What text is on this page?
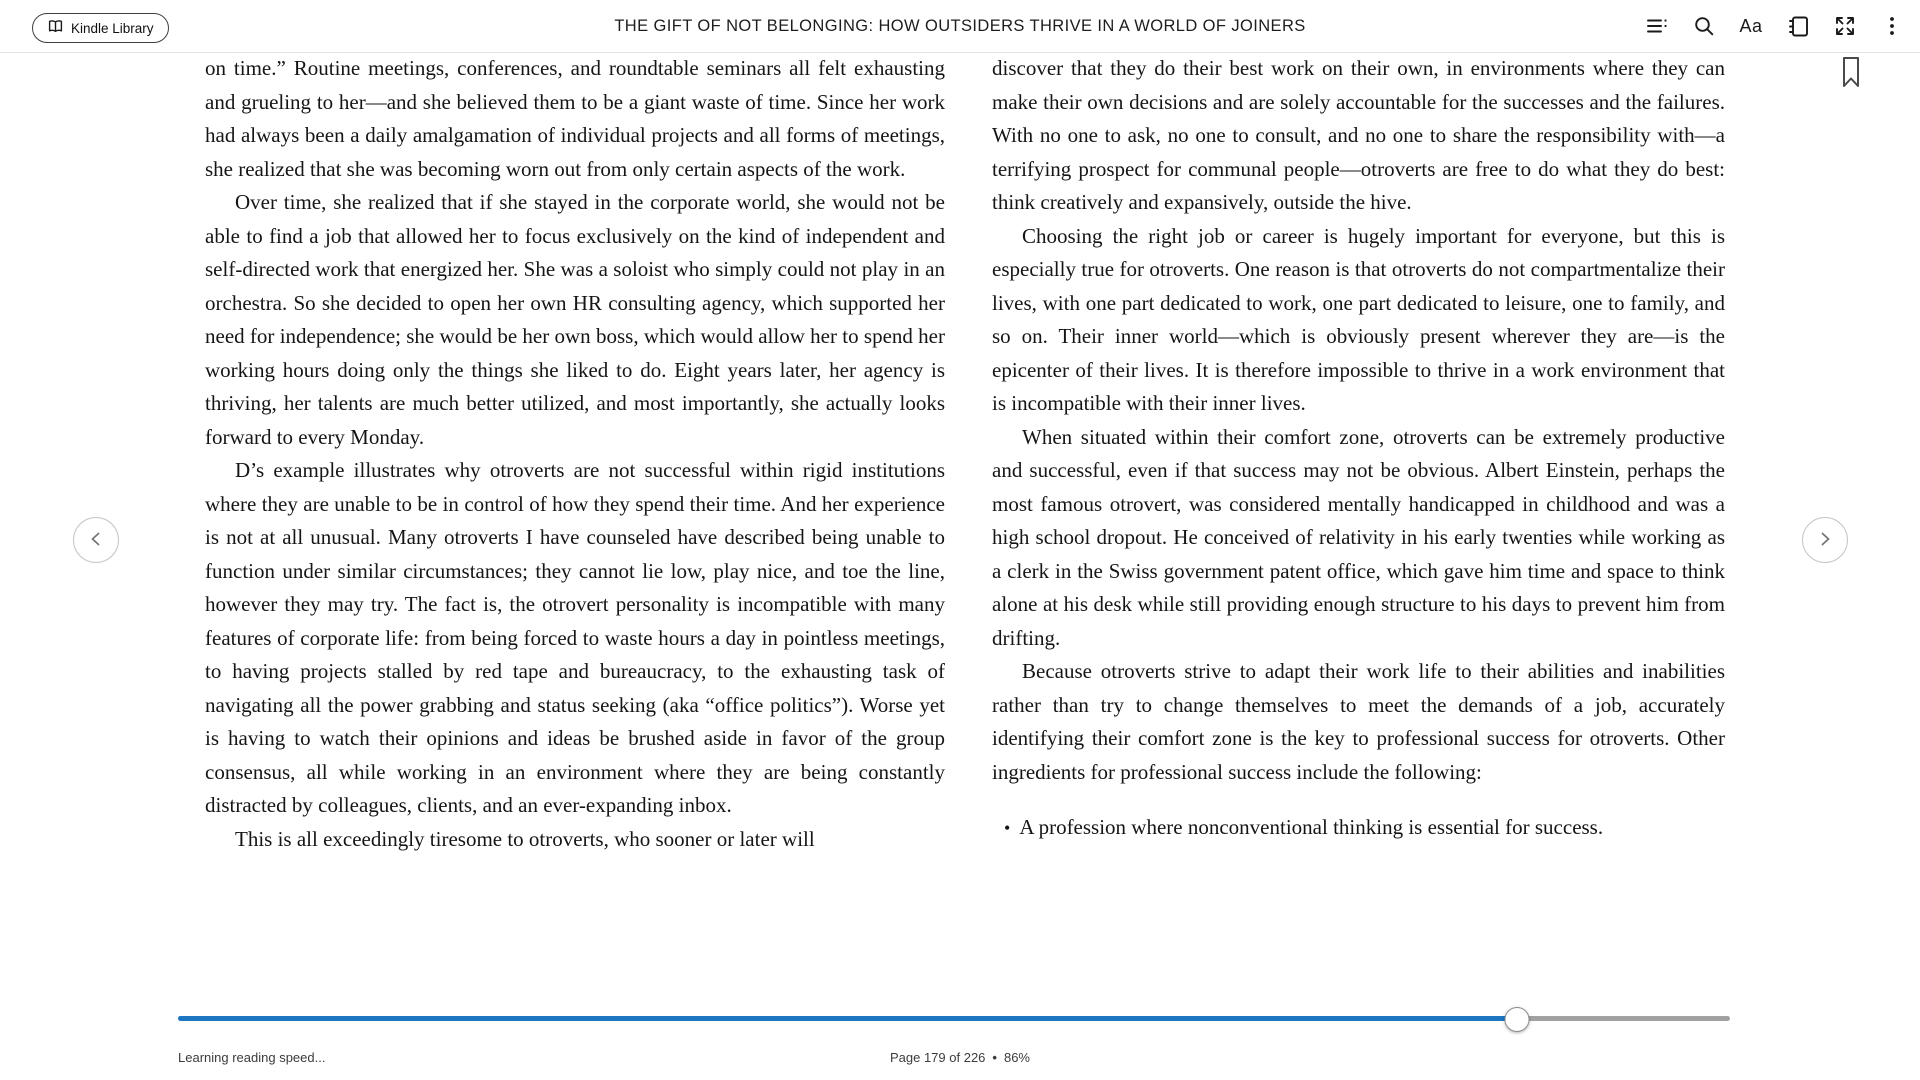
Kindle Library	THE GIFT OF NOT BELONGING: HOW OUTSIDERS THRIVE IN A WORLD OF JOINERS	Aa

on time.” Routine meetings, conferences, and roundtable seminars all felt exhausting and grueling to her—and she believed them to be a giant waste of time. Since her work had always been a daily amalgamation of individual projects and all forms of meetings, she realized that she was becoming worn out from only certain aspects of the work.

Over time, she realized that if she stayed in the corporate world, she would not be able to find a job that allowed her to focus exclusively on the kind of independent and self-directed work that energized her. She was a soloist who simply could not play in an orchestra. So she decided to open her own HR consulting agency, which supported her need for independence; she would be her own boss, which would allow her to spend her working hours doing only the things she liked to do. Eight years later, her agency is thriving, her talents are much better utilized, and most importantly, she actually looks forward to every Monday.

D’s example illustrates why otroverts are not successful within rigid institutions where they are unable to be in control of how they spend their time. And her experience is not at all unusual. Many otroverts I have counseled have described being unable to function under similar circumstances; they cannot lie low, play nice, and toe the line, however they may try. The fact is, the otrovert personality is incompatible with many features of corporate life: from being forced to waste hours a day in pointless meetings, to having projects stalled by red tape and bureaucracy, to the exhausting task of navigating all the power grabbing and status seeking (aka “office politics”). Worse yet is having to watch their opinions and ideas be brushed aside in favor of the group consensus, all while working in an environment where they are being constantly distracted by colleagues, clients, and an ever-expanding inbox.

This is all exceedingly tiresome to otroverts, who sooner or later will

discover that they do their best work on their own, in environments where they can make their own decisions and are solely accountable for the successes and the failures. With no one to ask, no one to consult, and no one to share the responsibility with—a terrifying prospect for communal people—otroverts are free to do what they do best: think creatively and expansively, outside the hive.

Choosing the right job or career is hugely important for everyone, but this is especially true for otroverts. One reason is that otroverts do not compartmentalize their lives, with one part dedicated to work, one part dedicated to leisure, one to family, and so on. Their inner world—which is obviously present wherever they are—is the epicenter of their lives. It is therefore impossible to thrive in a work environment that is incompatible with their inner lives.

When situated within their comfort zone, otroverts can be extremely productive and successful, even if that success may not be obvious. Albert Einstein, perhaps the most famous otrovert, was considered mentally handicapped in childhood and was a high school dropout. He conceived of relativity in his early twenties while working as a clerk in the Swiss government patent office, which gave him time and space to think alone at his desk while still providing enough structure to his days to prevent him from drifting.

Because otroverts strive to adapt their work life to their abilities and inabilities rather than try to change themselves to meet the demands of a job, accurately identifying their comfort zone is the key to professional success for otroverts. Other ingredients for professional success include the following:

• A profession where nonconventional thinking is essential for success.

Learning reading speed...	Page 179 of 226 • 86%
